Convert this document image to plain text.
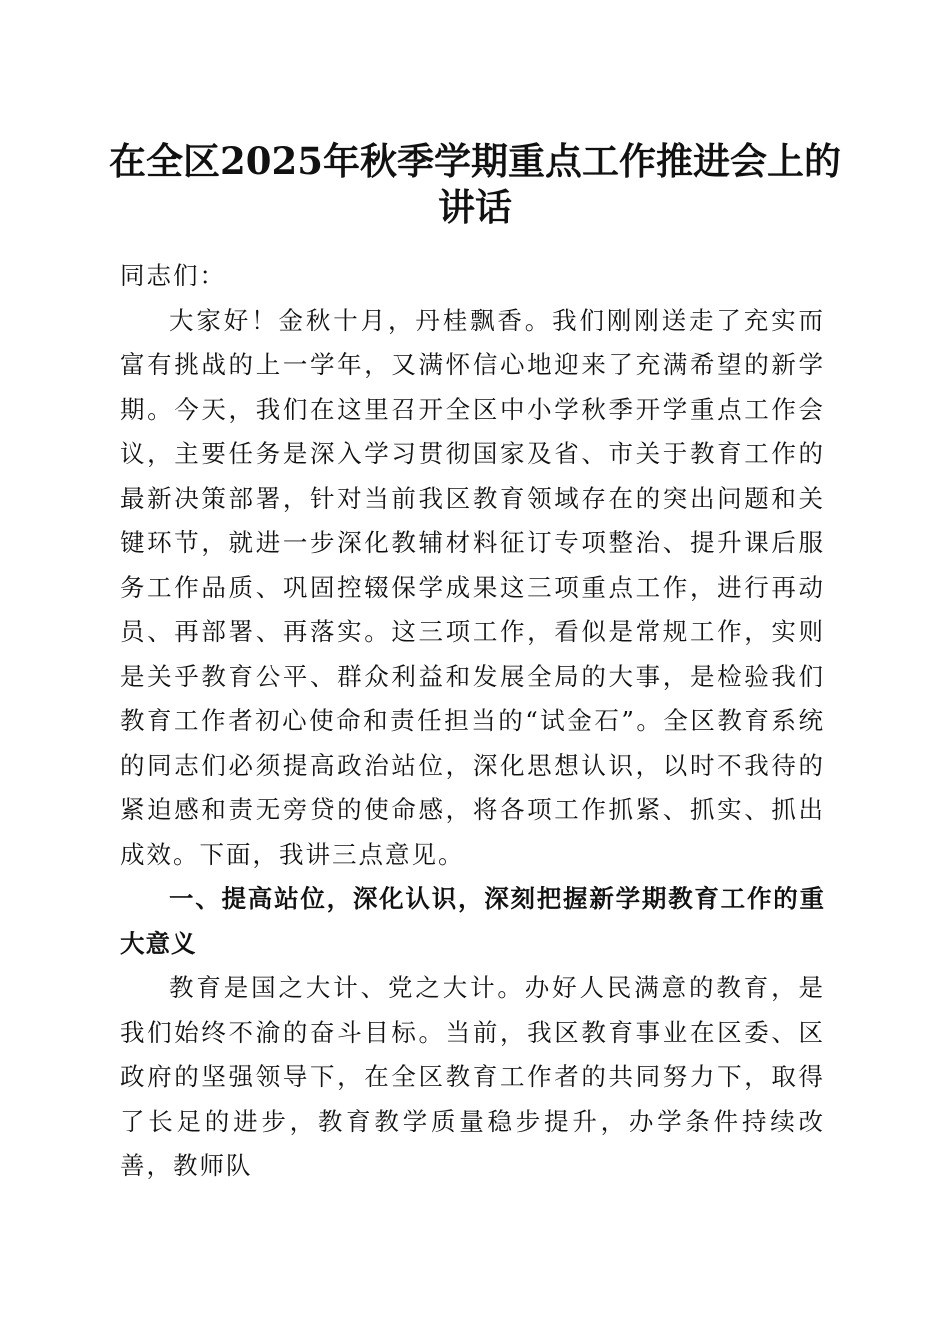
在全区2025年秋季学期重点工作推进会上的
讲话

同志们：

大家好！金秋十月，丹桂飘香。我们刚刚送走了充实而富有挑战的上一学年，又满怀信心地迎来了充满希望的新学期。今天，我们在这里召开全区中小学秋季开学重点工作会议，主要任务是深入学习贯彻国家及省、市关于教育工作的最新决策部署，针对当前我区教育领域存在的突出问题和关键环节，就进一步深化教辅材料征订专项整治、提升课后服务工作品质、巩固控辍保学成果这三项重点工作，进行再动员、再部署、再落实。这三项工作，看似是常规工作，实则是关乎教育公平、群众利益和发展全局的大事，是检验我们教育工作者初心使命和责任担当的“试金石”。全区教育系统的同志们必须提高政治站位，深化思想认识，以时不我待的紧迫感和责无旁贷的使命感，将各项工作抓紧、抓实、抓出成效。下面，我讲三点意见。

一、提高站位，深化认识，深刻把握新学期教育工作的重大意义

教育是国之大计、党之大计。办好人民满意的教育，是我们始终不渝的奋斗目标。当前，我区教育事业在区委、区政府的坚强领导下，在全区教育工作者的共同努力下，取得了长足的进步，教育教学质量稳步提升，办学条件持续改善，教师队
